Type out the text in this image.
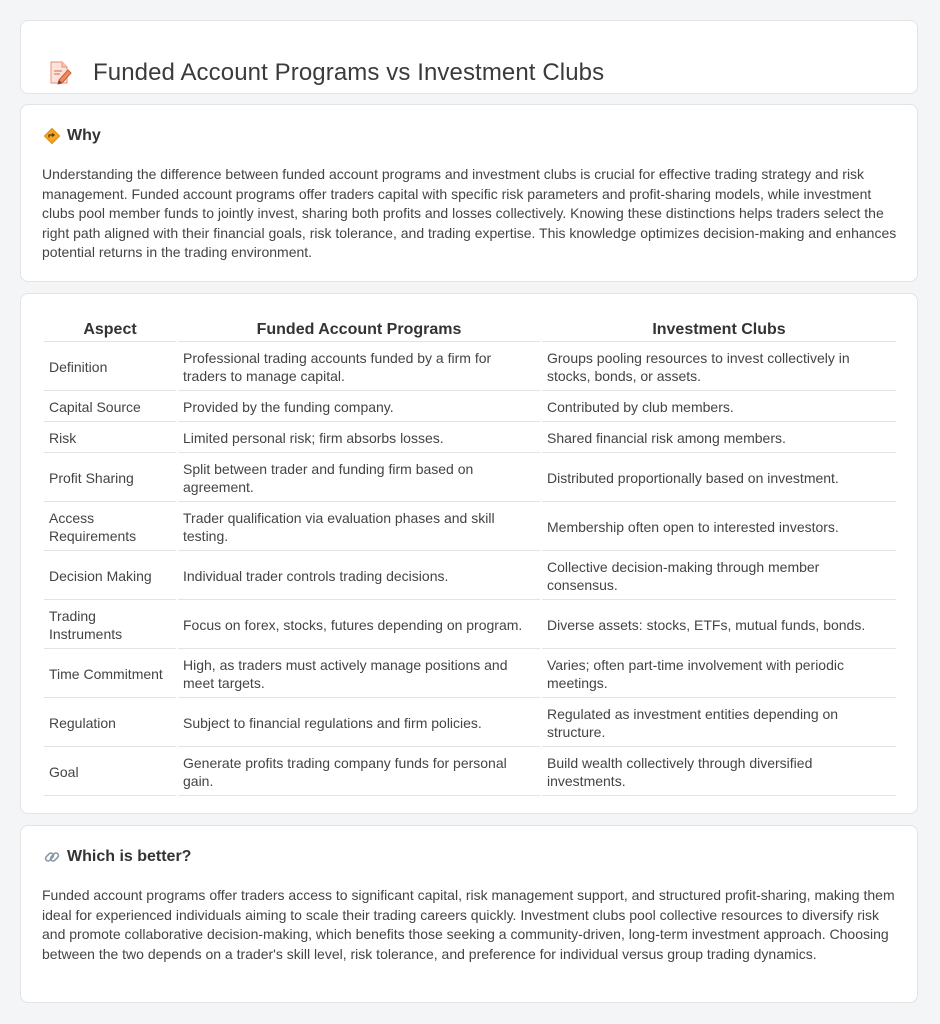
Funded Account Programs vs Investment Clubs
Why

Understanding the difference between funded account programs and investment clubs is crucial for effective trading strategy and risk management. Funded account programs offer traders capital with specific risk parameters and profit-sharing models, while investment clubs pool member funds to jointly invest, sharing both profits and losses collectively. Knowing these distinctions helps traders select the right path aligned with their financial goals, risk tolerance, and trading expertise. This knowledge optimizes decision-making and enhances potential returns in the trading environment.

Aspect	Funded Account Programs	Investment Clubs
Definition	Professional trading accounts funded by a firm for traders to manage capital.	Groups pooling resources to invest collectively in stocks, bonds, or assets.
Capital Source	Provided by the funding company.	Contributed by club members.
Risk	Limited personal risk; firm absorbs losses.	Shared financial risk among members.
Profit Sharing	Split between trader and funding firm based on agreement.	Distributed proportionally based on investment.
Access Requirements	Trader qualification via evaluation phases and skill testing.	Membership often open to interested investors.
Decision Making	Individual trader controls trading decisions.	Collective decision-making through member consensus.
Trading Instruments	Focus on forex, stocks, futures depending on program.	Diverse assets: stocks, ETFs, mutual funds, bonds.
Time Commitment	High, as traders must actively manage positions and meet targets.	Varies; often part-time involvement with periodic meetings.
Regulation	Subject to financial regulations and firm policies.	Regulated as investment entities depending on structure.
Goal	Generate profits trading company funds for personal gain.	Build wealth collectively through diversified investments.
Which is better?

Funded account programs offer traders access to significant capital, risk management support, and structured profit-sharing, making them ideal for experienced individuals aiming to scale their trading careers quickly. Investment clubs pool collective resources to diversify risk and promote collaborative decision-making, which benefits those seeking a community-driven, long-term investment approach. Choosing between the two depends on a trader's skill level, risk tolerance, and preference for individual versus group trading dynamics.
